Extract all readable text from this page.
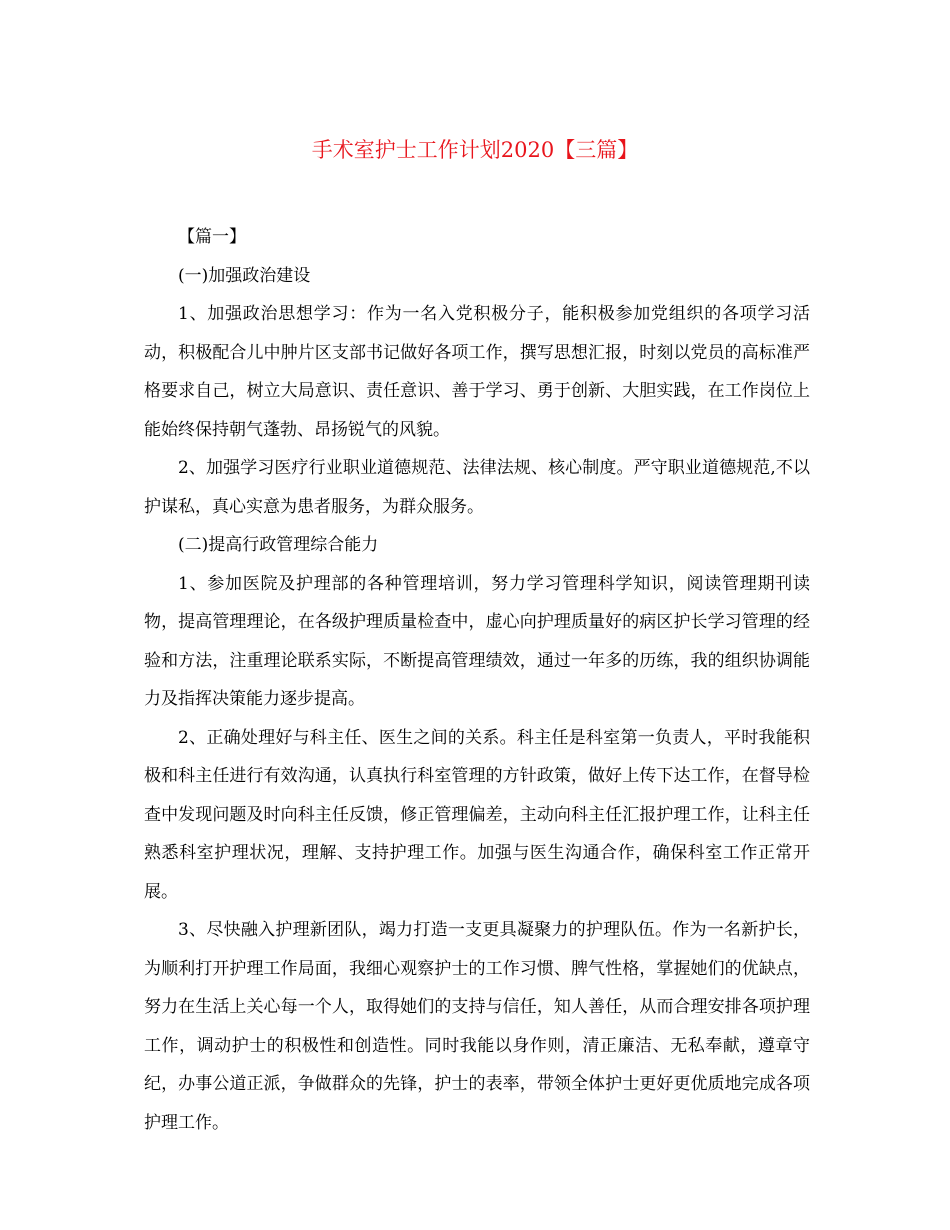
手术室护士工作计划2020【三篇】

【篇一】

(一)加强政治建设

1、加强政治思想学习：作为一名入党积极分子，能积极参加党组织的各项学习活动，积极配合儿中肿片区支部书记做好各项工作，撰写思想汇报，时刻以党员的高标准严格要求自己，树立大局意识、责任意识、善于学习、勇于创新、大胆实践，在工作岗位上能始终保持朝气蓬勃、昂扬锐气的风貌。

2、加强学习医疗行业职业道德规范、法律法规、核心制度。严守职业道德规范,不以护谋私，真心实意为患者服务，为群众服务。

(二)提高行政管理综合能力

1、参加医院及护理部的各种管理培训，努力学习管理科学知识，阅读管理期刊读物，提高管理理论，在各级护理质量检查中，虚心向护理质量好的病区护长学习管理的经验和方法，注重理论联系实际，不断提高管理绩效，通过一年多的历练，我的组织协调能力及指挥决策能力逐步提高。

2、正确处理好与科主任、医生之间的关系。科主任是科室第一负责人，平时我能积极和科主任进行有效沟通，认真执行科室管理的方针政策，做好上传下达工作，在督导检查中发现问题及时向科主任反馈，修正管理偏差，主动向科主任汇报护理工作，让科主任熟悉科室护理状况，理解、支持护理工作。加强与医生沟通合作，确保科室工作正常开展。

3、尽快融入护理新团队，竭力打造一支更具凝聚力的护理队伍。作为一名新护长，为顺利打开护理工作局面，我细心观察护士的工作习惯、脾气性格，掌握她们的优缺点，努力在生活上关心每一个人，取得她们的支持与信任，知人善任，从而合理安排各项护理工作，调动护士的积极性和创造性。同时我能以身作则，清正廉洁、无私奉献，遵章守纪，办事公道正派，争做群众的先锋，护士的表率，带领全体护士更好更优质地完成各项护理工作。
